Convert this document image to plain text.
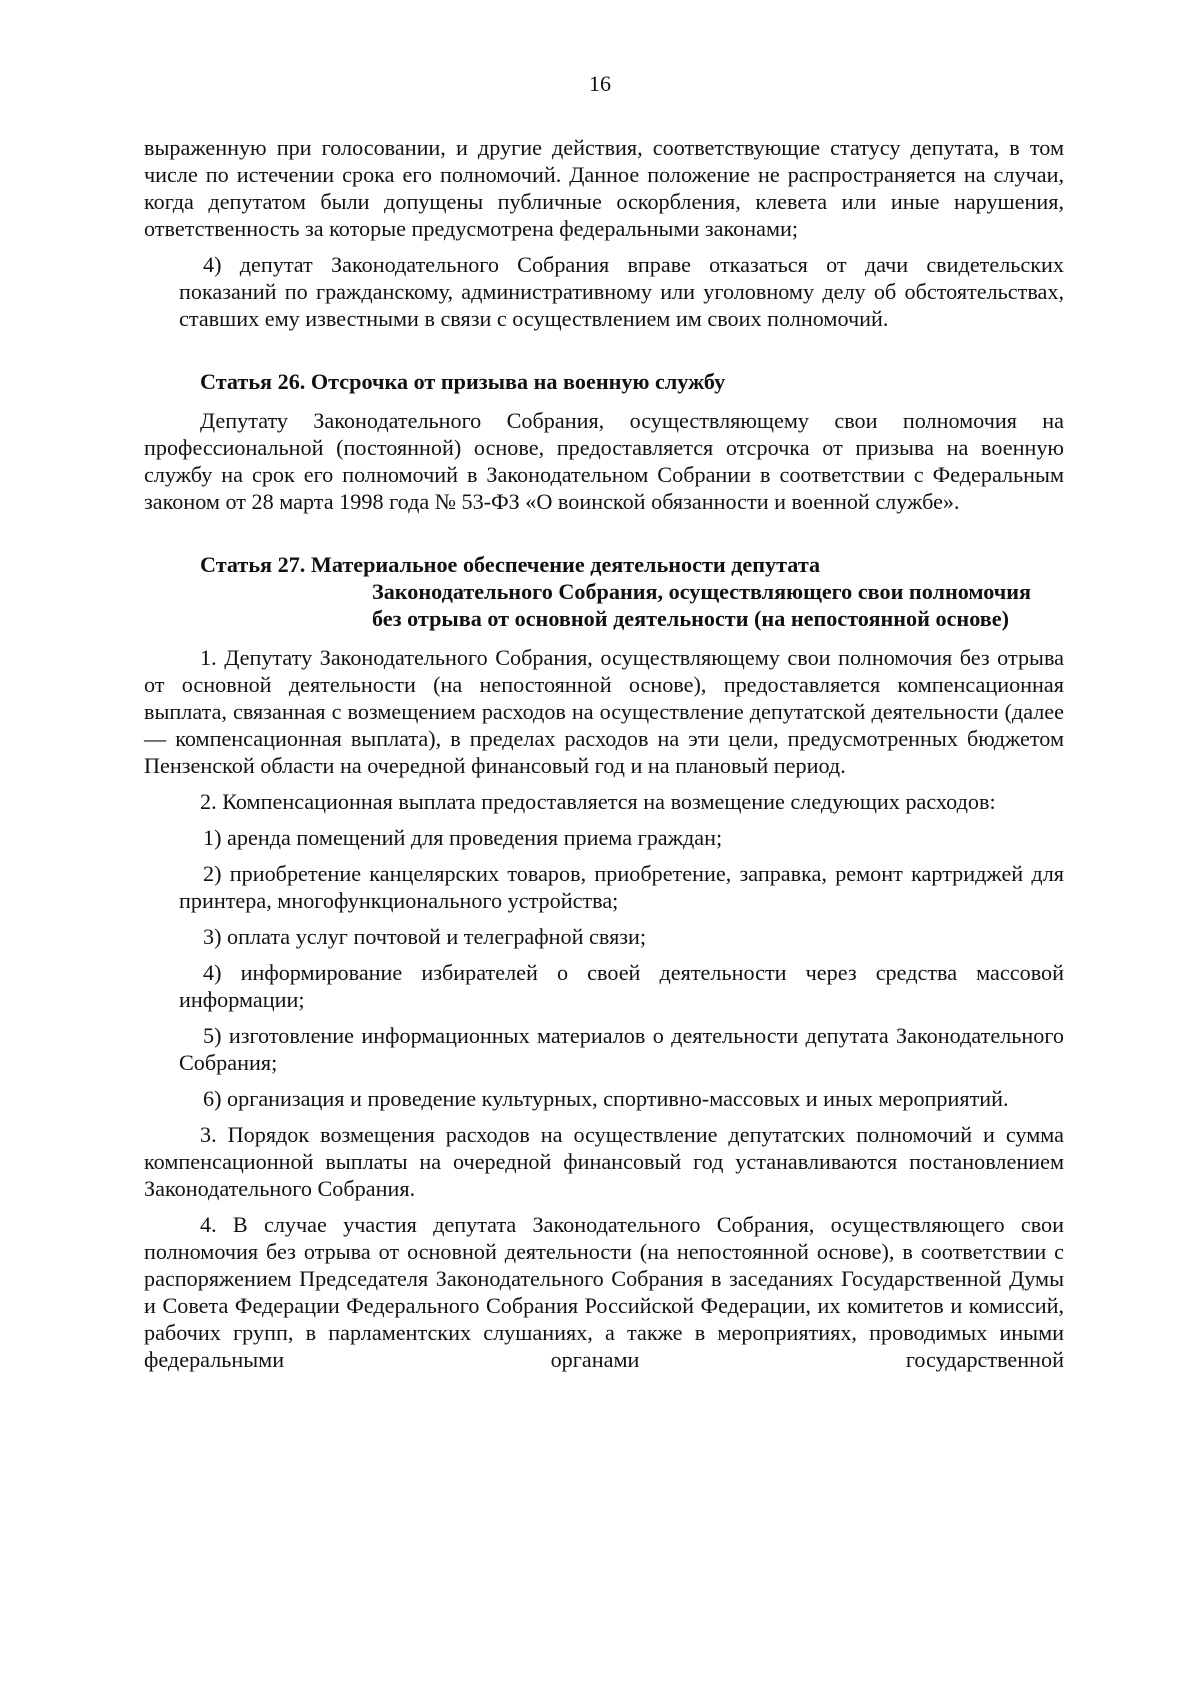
16

выраженную при голосовании, и другие действия, соответствующие статусу депутата, в том числе по истечении срока его полномочий. Данное положение не распространяется на случаи, когда депутатом были допущены публичные оскорбления, клевета или иные нарушения, ответственность за которые предусмотрена федеральными законами;

4) депутат Законодательного Собрания вправе отказаться от дачи свидетельских показаний по гражданскому, административному или уголовному делу об обстоятельствах, ставших ему известными в связи с осуществлением им своих полномочий.

Статья 26. Отсрочка от призыва на военную службу

Депутату Законодательного Собрания, осуществляющему свои полномочия на профессиональной (постоянной) основе, предоставляется отсрочка от призыва на военную службу на срок его полномочий в Законодательном Собрании в соответствии с Федеральным законом от 28 марта 1998 года № 53-ФЗ «О воинской обязанности и военной службе».

Статья 27. Материальное обеспечение деятельности депутата
Законодательного Собрания, осуществляющего свои полномочия
без отрыва от основной деятельности (на непостоянной основе)

1. Депутату Законодательного Собрания, осуществляющему свои полномочия без отрыва от основной деятельности (на непостоянной основе), предоставляется компенсационная выплата, связанная с возмещением расходов на осуществление депутатской деятельности (далее — компенсационная выплата), в пределах расходов на эти цели, предусмотренных бюджетом Пензенской области на очередной финансовый год и на плановый период.

2. Компенсационная выплата предоставляется на возмещение следующих расходов:

1) аренда помещений для проведения приема граждан;

2) приобретение канцелярских товаров, приобретение, заправка, ремонт картриджей для принтера, многофункционального устройства;

3) оплата услуг почтовой и телеграфной связи;

4) информирование избирателей о своей деятельности через средства массовой информации;

5) изготовление информационных материалов о деятельности депутата Законодательного Собрания;

6) организация и проведение культурных, спортивно-массовых и иных мероприятий.

3. Порядок возмещения расходов на осуществление депутатских полномочий и сумма компенсационной выплаты на очередной финансовый год устанавливаются постановлением Законодательного Собрания.

4. В случае участия депутата Законодательного Собрания, осуществляющего свои полномочия без отрыва от основной деятельности (на непостоянной основе), в соответствии с распоряжением Председателя Законодательного Собрания в заседаниях Государственной Думы и Совета Федерации Федерального Собрания Российской Федерации, их комитетов и комиссий, рабочих групп, в парламентских слушаниях, а также в мероприятиях, проводимых иными федеральными органами государственной
